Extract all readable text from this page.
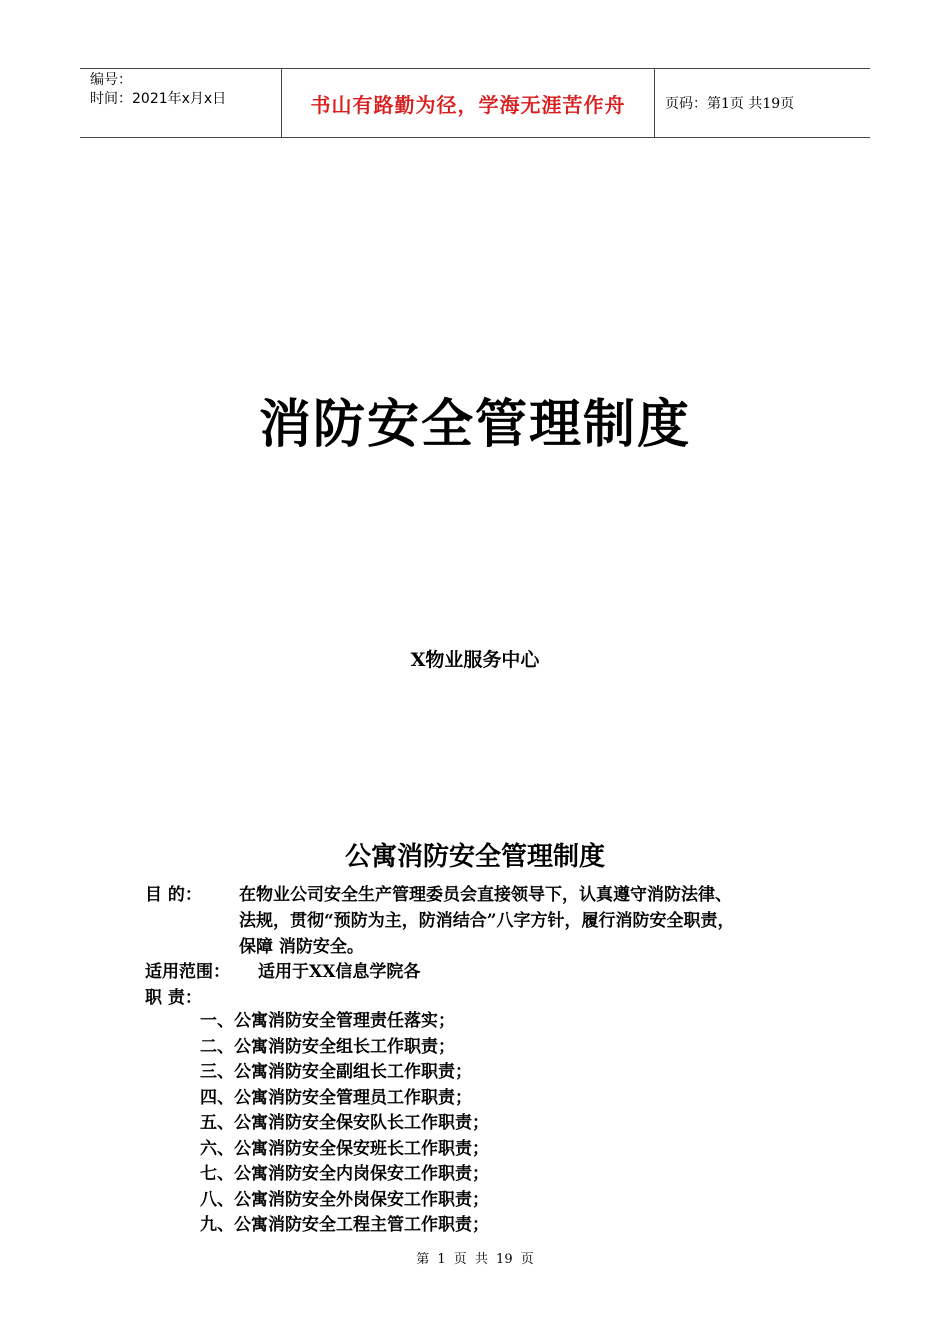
编号：
时间：2021年x月x日	书山有路勤为径，学海无涯苦作舟	页码：第1页 共19页
消防安全管理制度
X物业服务中心
公寓消防安全管理制度
目 的： 在物业公司安全生产管理委员会直接领导下，认真遵守消防法律、
法规，贯彻“预防为主，防消结合”八字方针，履行消防安全职责，
保障 消防安全。
适用范围： 适用于XX信息学院各
职 责：
一、公寓消防安全管理责任落实；
二、公寓消防安全组长工作职责；
三、公寓消防安全副组长工作职责；
四、公寓消防安全管理员工作职责；
五、公寓消防安全保安队长工作职责；
六、公寓消防安全保安班长工作职责；
七、公寓消防安全内岗保安工作职责；
八、公寓消防安全外岗保安工作职责；
九、公寓消防安全工程主管工作职责；
第 1 页 共 19 页
